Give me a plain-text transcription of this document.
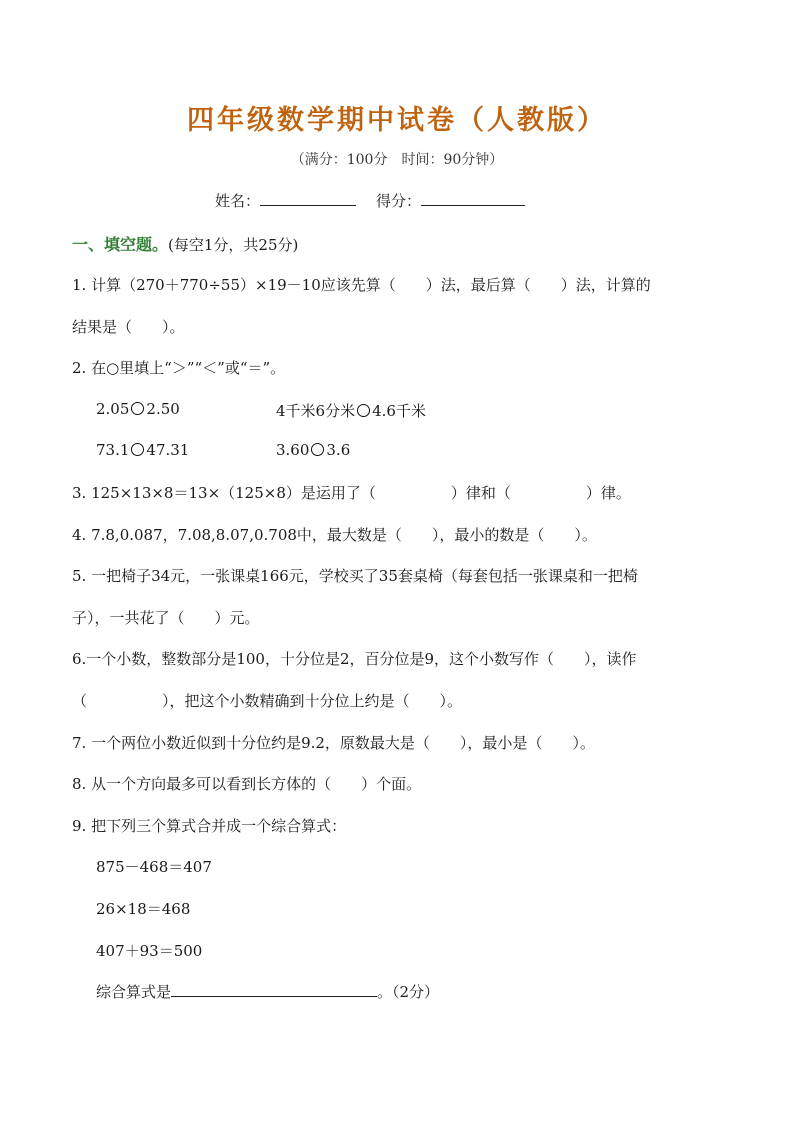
四年级数学期中试卷（人教版）
（满分：100分　时间：90分钟）
姓名：	得分：
一、填空题。(每空1分，共25分)
1. 计算（270＋770÷55）×19－10应该先算（　　）法，最后算（　　）法，计算的
结果是（　　）。
2. 在○里填上“＞”“＜”或“＝”。
2.05 2.50	4千米6分米 4.6千米
73.1 47.31	3.60 3.6
3. 125×13×8＝13×（125×8）是运用了（　　　　　）律和（　　　　　）律。
4. 7.8,0.087，7.08,8.07,0.708中，最大数是（　　），最小的数是（　　）。
5. 一把椅子34元，一张课桌166元，学校买了35套桌椅（每套包括一张课桌和一把椅
子），一共花了（　　）元。
6.一个小数，整数部分是100，十分位是2，百分位是9，这个小数写作（　　），读作
（　　　　　），把这个小数精确到十分位上约是（　　）。
7. 一个两位小数近似到十分位约是9.2，原数最大是（　　），最小是（　　）。
8. 从一个方向最多可以看到长方体的（　　）个面。
9. 把下列三个算式合并成一个综合算式：
875－468＝407
26×18＝468
407＋93＝500
综合算式是	。（2分）
